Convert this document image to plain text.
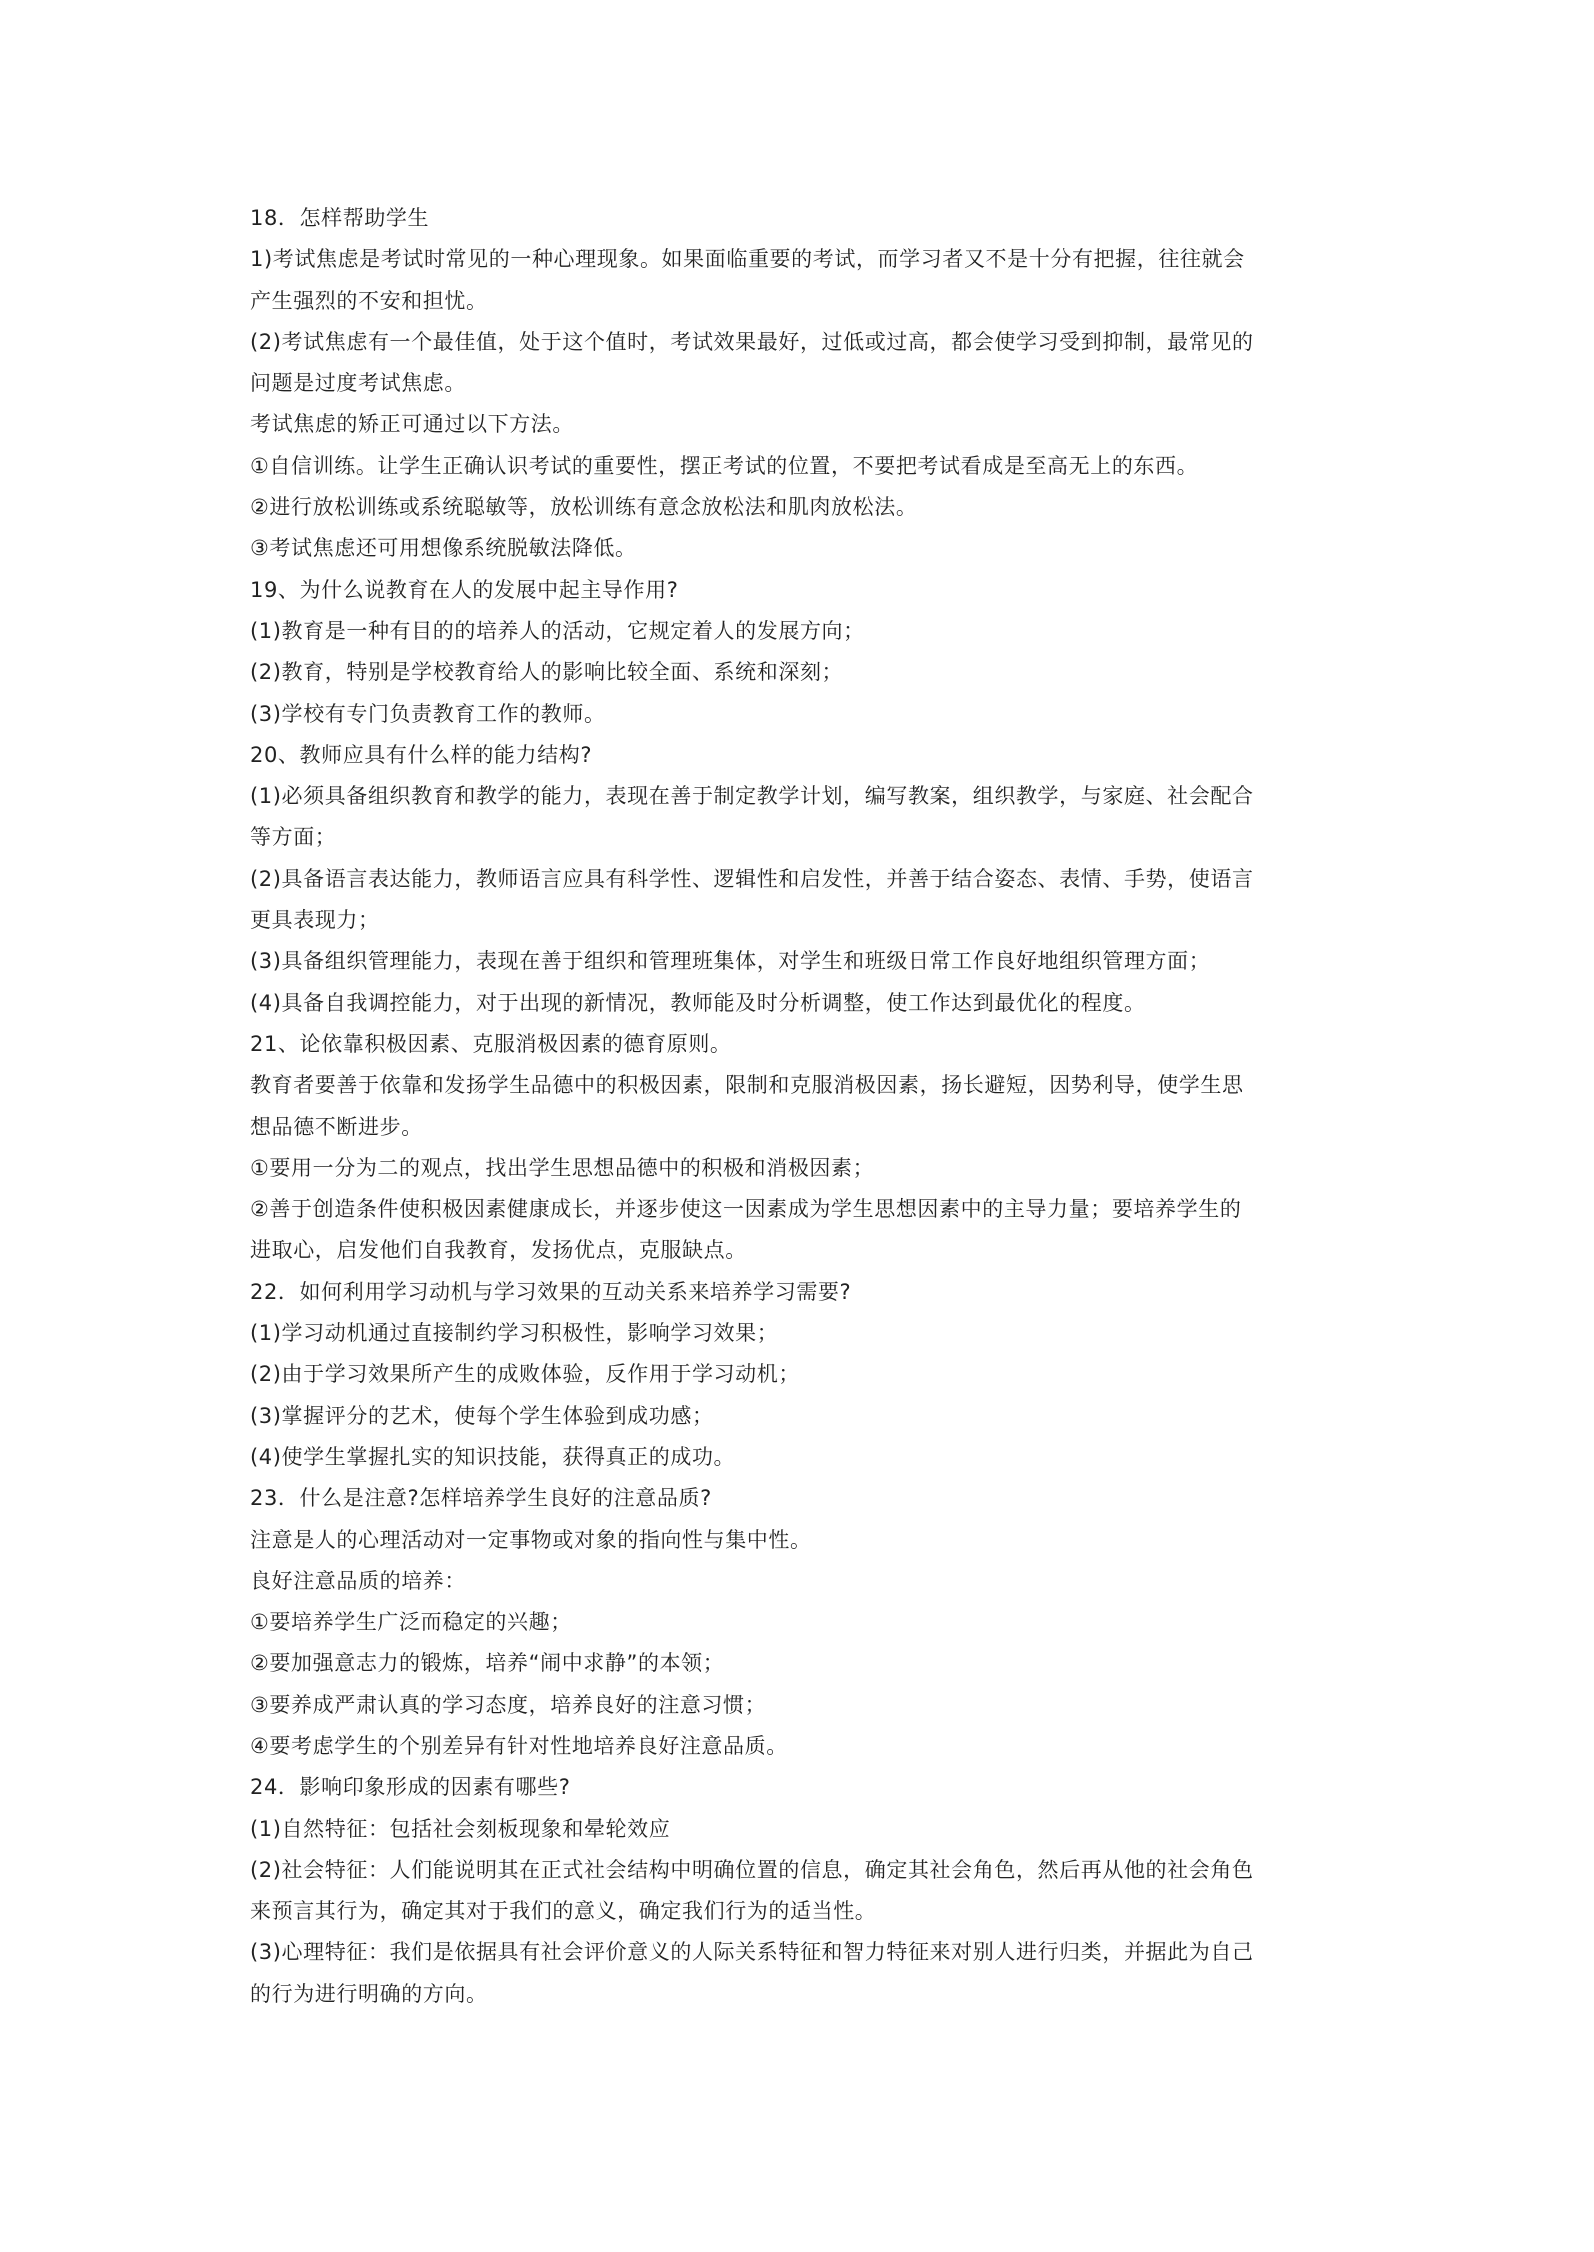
18．怎样帮助学生
1)考试焦虑是考试时常见的一种心理现象。如果面临重要的考试，而学习者又不是十分有把握，往往就会
产生强烈的不安和担忧。
(2)考试焦虑有一个最佳值，处于这个值时，考试效果最好，过低或过高，都会使学习受到抑制，最常见的
问题是过度考试焦虑。
考试焦虑的矫正可通过以下方法。
①自信训练。让学生正确认识考试的重要性，摆正考试的位置，不要把考试看成是至高无上的东西。
②进行放松训练或系统聪敏等，放松训练有意念放松法和肌肉放松法。
③考试焦虑还可用想像系统脱敏法降低。
19、为什么说教育在人的发展中起主导作用?
(1)教育是一种有目的的培养人的活动，它规定着人的发展方向；
(2)教育，特别是学校教育给人的影响比较全面、系统和深刻；
(3)学校有专门负责教育工作的教师。
20、教师应具有什么样的能力结构?
(1)必须具备组织教育和教学的能力，表现在善于制定教学计划，编写教案，组织教学，与家庭、社会配合
等方面；
(2)具备语言表达能力，教师语言应具有科学性、逻辑性和启发性，并善于结合姿态、表情、手势，使语言
更具表现力；
(3)具备组织管理能力，表现在善于组织和管理班集体，对学生和班级日常工作良好地组织管理方面；
(4)具备自我调控能力，对于出现的新情况，教师能及时分析调整，使工作达到最优化的程度。
21、论依靠积极因素、克服消极因素的德育原则。
教育者要善于依靠和发扬学生品德中的积极因素，限制和克服消极因素，扬长避短，因势利导，使学生思
想品德不断进步。
①要用一分为二的观点，找出学生思想品德中的积极和消极因素；
②善于创造条件使积极因素健康成长，并逐步使这一因素成为学生思想因素中的主导力量；要培养学生的
进取心，启发他们自我教育，发扬优点，克服缺点。
22．如何利用学习动机与学习效果的互动关系来培养学习需要?
(1)学习动机通过直接制约学习积极性，影响学习效果；
(2)由于学习效果所产生的成败体验，反作用于学习动机；
(3)掌握评分的艺术，使每个学生体验到成功感；
(4)使学生掌握扎实的知识技能，获得真正的成功。
23．什么是注意?怎样培养学生良好的注意品质?
注意是人的心理活动对一定事物或对象的指向性与集中性。
良好注意品质的培养：
①要培养学生广泛而稳定的兴趣；
②要加强意志力的锻炼，培养“闹中求静”的本领；
③要养成严肃认真的学习态度，培养良好的注意习惯；
④要考虑学生的个别差异有针对性地培养良好注意品质。
24．影响印象形成的因素有哪些?
(1)自然特征：包括社会刻板现象和晕轮效应
(2)社会特征：人们能说明其在正式社会结构中明确位置的信息，确定其社会角色，然后再从他的社会角色
来预言其行为，确定其对于我们的意义，确定我们行为的适当性。
(3)心理特征：我们是依据具有社会评价意义的人际关系特征和智力特征来对别人进行归类，并据此为自己
的行为进行明确的方向。
